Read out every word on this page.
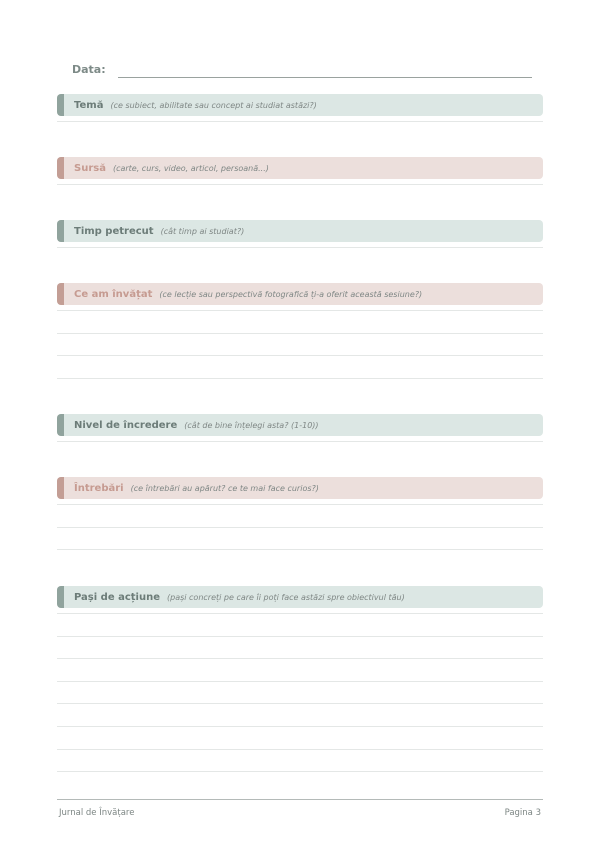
Data:
Temă (ce subiect, abilitate sau concept ai studiat astăzi?)
Sursă (carte, curs, video, articol, persoană...)
Timp petrecut (cât timp ai studiat?)
Ce am învățat (ce lecție sau perspectivă fotografică ți-a oferit această sesiune?)
Nivel de încredere (cât de bine înțelegi asta? (1-10))
Întrebări (ce întrebări au apărut? ce te mai face curios?)
Pași de acțiune (pași concreți pe care îi poți face astăzi spre obiectivul tău)
Jurnal de Învățare	Pagina 3
